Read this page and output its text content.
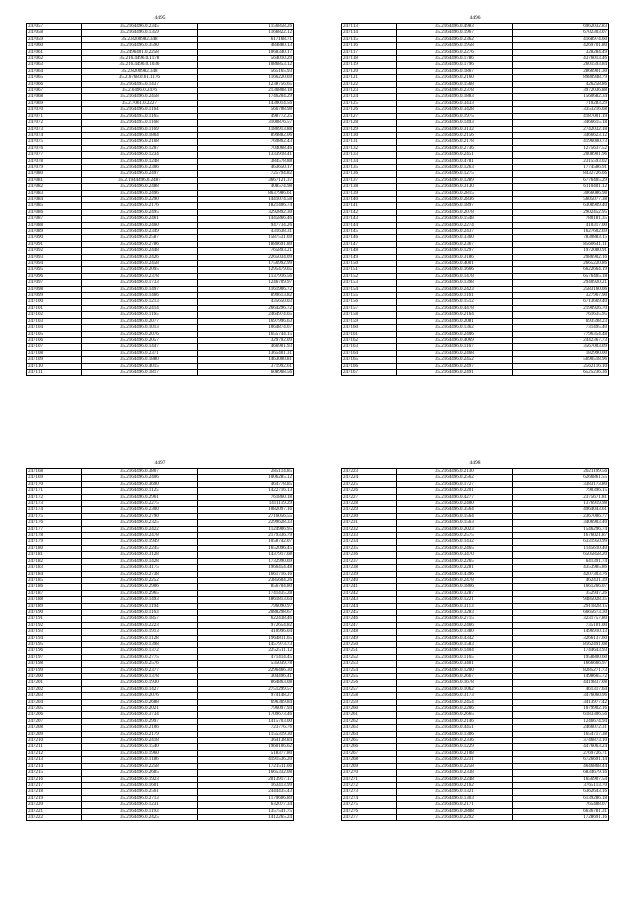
4495
247057	35.2164496.0.2345	1156858.26
247058	35.2164496.0.1359	1166822.12
247059	35.2.8200982.348	617168.71
247060	35.2164496.0.3590	484880.13
247061	35.2496401.0.2258	1068340.17
247062	35.216.4496.0.1178	564010.29
247063	35.216.4496.0.1036	1086853.12
247064	35.2.8200982.348	565165.93
247065	35.2.6768.0.61.1176	1166220.69
247066	35.2164495.0.1437	1238756.65
247067	35.2.6496.0.2476	2136808.18
247068	35.2164496.0.2458	1746204.29
247069	35.2.7061.0.2227	1430014.56
247070	35.2164496.0.1164	566708.98
247071	35.2164495.0.1165	498772.25
247072	35.2164495.0.1168	3100876.57
247073	35.2164496.0.1169	1186913.88
247074	35.2164496.0.1864	899882.06
247075	35.2164496.0.2168	769862.43
247076	35.2164496.0.1207	704068.46
247077	35.2164496.0.1234	1333918.41
247078	35.2164496.0.1248	384578.88
247079	35.2164496.0.2306	463650.17
247080	35.2164496.0.2497	725794.82
247081	35.2.1944496.0.2487	3667121.37
247082	35.2164496.0.2488	408574.98
247083	35.2164496.0.2496	8637986.61
247084	35.2164496.0.2290	1441074.58
247085	35.2164496.0.2176	1821406.74
247086	35.2164496.0.2495	3292892.30
247087	35.2164496.0.2461	1445866.46
247088	35.2164496.0.2460	947734.26
247089	35.2164496.0.2349	431638.31
247090	35.2164496.0.2587	1587531.69
247091	35.2164496.0.2786	1880691.80
247092	35.2164496.0.2448	765893.21
247093	35.2164496.0.2426	2265034.09
247094	35.2164496.0.2458	1756992.99
247095	35.2164496.0.2095	1295479.65
247096	35.2164496.0.2378	1137916.56
247097	35.2164496.0.1733	1246709.97
247098	35.2164496.0.1497	1161906.72
247099	35.2164496.0.1466	899613.82
247100	35.2164496.0.1213	435650.03
247101	35.2164496.0.2414	2664296.72
247102	35.2164496.0.1165	2464974.65
247103	35.2164496.0.2077	1697996.63
247104	35.2164496.0.1013	1064874.07
247105	35.2164496.0.2076	1655744.15
247106	35.2164496.0.2057	329792.09
247107	35.2164496.0.1447	466901.93
247108	35.2164496.0.2371	1365401.31
247109	35.2164496.0.1880	1463000.81
247110	35.2164496.0.4015	371992.61
247111	35.2164496.0.1817	608968.56
4496
247113	35.2164496.0.4983	6962032.83
247114	35.2164496.0.1967	6702303.07
247115	35.2164496.0.2362	4168974.60
247116	35.2164496.0.1958	4269701.80
247117	35.2164496.0.2276	328284.49
247118	35.2164496.0.1786	4376013.46
247119	35.2164496.0.1796	2601593.84
247120	35.2164496.0.1867	2866901.30
247121	35.2164496.0.2160	8980948.79
247122	35.2164496.0.1568	426258.86
247123	35.2164496.0.2378	3972036.88
247124	35.2164496.0.1883	1560682.34
247125	35.2164496.0.3433	710283.29
247126	35.2164496.0.3428	3353216.68
247127	35.2164496.0.1975	4187001.19
247128	35.2164496.0.1493	3466615.18
247129	35.2164496.0.3132	2742032.18
247130	35.2164496.0.2156	3466623.12
247131	35.2164496.0.2178	4196000.73
247132	35.2164496.0.2736	1275637.52
247133	35.2164496.0.2451	2008901.96
247134	35.2164496.0.4781	2315593.02
247135	35.2164496.0.1263	1774586.91
247136	35.2164496.0.1275	8432726.66
247137	35.2164496.0.1289	6776405.29
247138	35.2164496.0.3130	6110401.12
247139	35.2164496.0.2815	3066086.98
247140	35.2164496.0.2836	5605077.38
247141	35.2164496.0.1897	6308909.40
247142	35.2164496.0.2078	2902452.95
247143	35.2164496.0.1548	780181.35
247144	35.2164496.0.2274	410317.00
247145	35.2164496.0.2437	1627602.69
247146	35.2164496.0.3360	7830883.15
247147	35.2164496.0.2367	8560641.11
247148	35.2164496.0.1297	1972080.91
247149	35.2164496.0.3186	2986902.16
247150	35.2164496.0.4001	2665220.86
247151	35.2164496.0.1666	6622664.19
247152	35.2164496.0.1478	6576405.18
247153	35.2164496.0.1398	2940920.21
247154	35.2164496.0.2423	2583160.06
247155	35.2164496.0.1161	327967.90
247156	35.2164496.0.1512	6713669.40
247157	35.2164496.0.4478	2190926.70
247158	35.2164496.0.2164	761635.95
247159	35.2164496.0.2081	693598.23
247160	35.2164496.0.1362	731495.40
247161	35.2164496.0.2406	7796354.48
247162	35.2164496.0.4069	2442367.73
247163	35.2164496.0.1167	3567003.09
247164	35.2164496.0.2468	182990.00
247165	35.2164496.0.2452	5690518.96
247166	35.2164496.0.2497	2562116.10
247167	35.2164496.0.2491	6525236.36
4497
247168	35.2164496.0.3807	285114.85
247169	35.2164496.0.2406	1006285.12
247170	35.2164496.0.3690	464778.85
247171	35.2164496.0.1125	1422716.13
247172	35.2164496.0.2961	761860.18
247173	35.2164496.0.2275	1411119.29
247174	35.2164496.0.2300	1082097.16
247175	35.2164496.0.2790	2716056.55
247176	35.2164496.0.2325	2299628.33
247177	35.2164496.0.2422	1124906.95
247178	35.2164496.0.2478	2179336.79
247179	35.2164496.0.1949	1058742.07
247180	35.2164496.0.2245	1652096.45
247181	35.2164496.0.3128	1437917.68
247182	35.2164496.0.1428	1732990.69
247183	35.2164496.0.4175	1966454.48
247184	35.2164496.0.2738	1661716.16
247185	35.2164496.0.2252	2385604.26
247186	35.2164496.0.2906	856704.80
247187	35.2164496.0.2965	1741435.28
247188	35.2164496.0.1493	1861813.64
247189	35.2164496.0.1194	796090.97
247190	35.2164496.0.1163	2088298.67
247191	35.2164496.0.1857	622438.46
247192	35.2164496.0.2223	972654.82
247193	35.2164496.0.1913	410996.04
247194	35.2164496.0.1128	1964811.65
247195	35.2164496.0.1398	1457973.73
247196	35.2164496.0.1372	2252511.12
247197	35.2164496.0.2775	471414.45
247198	35.2164496.0.2576	535039.78
247199	35.2164496.0.2377	2296466.30
247200	35.2164496.0.1378	304496.41
247201	35.2164496.0.1930	864863.08
247202	35.2164496.0.1427	2751299.57
247203	35.2164496.0.2076	974148.27
247204	35.2164496.0.2688	696369.84
247205	35.2164496.0.2021	796097.94
247206	35.2164496.0.3734	1709673.46
247207	35.2164496.0.2997	1415703.00
247208	35.2164496.0.2106	723776.76
247209	35.2164496.0.2179	1155319.30
247210	35.2164496.0.2418	364138.84
247211	35.2164496.0.1540	1960106.62
247212	35.2164496.0.1960	518377.80
247213	35.2164496.0.1186	4191536.20
247214	35.2164496.0.2258	1721511.66
247215	35.2164496.0.2685	1665332.08
247216	35.2164496.0.1923	2013917.17
247217	35.2164496.0.1601	163413.99
247218	35.2164496.0.2561	2444435.43
247219	35.2164496.0.2713	1170606.89
247220	35.2164496.0.1231	632077.34
247221	35.2164496.0.1193	1357541.75
247222	35.2164496.0.2425	1412265.24
4498
247223	35.2164496.0.2130	2021199.56
247224	35.2164496.0.2562	6266861.55
247225	35.2164496.0.1727	3383173.80
247226	35.2164496.0.2201	790396.15
247227	35.2164496.0.4277	2375671.81
247228	35.2164496.0.2400	1376919.98
247229	35.2164496.0.3564	4964043.61
247230	35.2164496.0.1564	2367006.77
247231	35.2164496.0.1563	3406903.40
247232	35.2164496.0.2023	1546296.74
247233	35.2164496.0.2575	1676021.87
247234	35.2164496.0.1432	6331950.99
247235	35.2164496.0.2465	1145610.40
247236	35.2164496.0.3470	6505858.20
247237	35.2164496.0.2265	641391.74
247238	35.2164496.0.2281	4353985.86
247239	35.2164496.0.4396	4207303.76
247240	35.2164496.0.2478	462431.39
247241	35.2164496.0.1866	1661266.07
247242	35.2164496.0.3287	352947.26
247243	35.2164496.0.1221	9485028.35
247244	35.2164496.0.3113	2911828.15
247245	35.2164496.0.3283	6665673.30
247246	35.2164496.0.2715	3231757.80
247247	35.2164496.0.2466	735101.00
247248	35.2164496.0.1380	1496910.13
247249	35.2164496.0.4342	3266137.60
247250	35.2164496.0.1583	8162491.08
247251	35.2164496.0.1404	1744643.93
247252	35.2164496.0.1165	1958800.60
247253	35.2164496.0.3401	1666666.97
247254	35.2164496.0.1200	8285271.73
247255	35.2164496.0.2667	1498665.72
247256	35.2164496.0.1678	4419837.08
247257	35.2164496.0.1062	461317.64
247258	35.2164496.0.3173	3476060.96
247259	35.2164496.0.2454	3413977.42
247260	35.2164496.0.2206	1079902.16
247261	35.2164496.0.2665	6183306.56
247262	35.2164496.0.2146	1246674.94
247263	35.2164496.0.4451	2466072.31
247264	35.2164496.0.1306	1654717.38
247265	35.2164496.0.2336	3746873.10
247266	35.2164496.0.1229	4476063.24
247267	35.2164496.0.2108	2769726.71
247268	35.2164496.0.2231	6726691.14
247269	35.2164496.0.2258	4646868.44
247270	35.2164496.0.2338	6834679.16
247271	35.2164496.0.2248	1656907.54
247272	35.2164496.0.2162	3765113.70
247273	35.2164496.0.1321	6362643.16
247274	35.2164496.0.1303	6139286.18
247275	35.2164496.0.2171	765488.07
247276	35.2164496.0.2808	6636781.31
247277	35.2164496.0.2292	1728691.16
